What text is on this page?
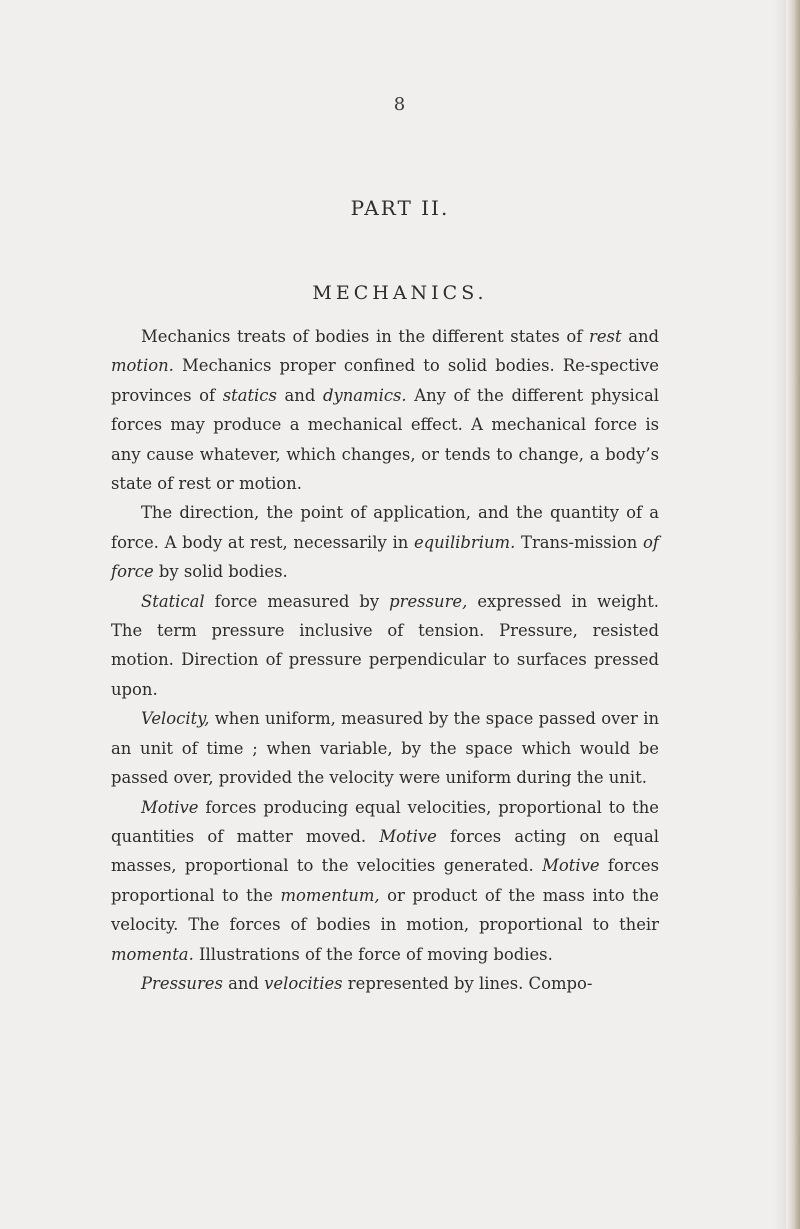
8
PART II.
MECHANICS.

Mechanics treats of bodies in the different states of rest and motion. Mechanics proper confined to solid bodies. Re-spective provinces of statics and dynamics. Any of the different physical forces may produce a mechanical effect. A mechanical force is any cause whatever, which changes, or tends to change, a body’s state of rest or motion.

The direction, the point of application, and the quantity of a force. A body at rest, necessarily in equilibrium. Trans-mission of force by solid bodies.

Statical force measured by pressure, expressed in weight. The term pressure inclusive of tension. Pressure, resisted motion. Direction of pressure perpendicular to surfaces pressed upon.

Velocity, when uniform, measured by the space passed over in an unit of time ; when variable, by the space which would be passed over, provided the velocity were uniform during the unit.

Motive forces producing equal velocities, proportional to the quantities of matter moved. Motive forces acting on equal masses, proportional to the velocities generated. Motive forces proportional to the momentum, or product of the mass into the velocity. The forces of bodies in motion, proportional to their momenta. Illustrations of the force of moving bodies.

Pressures and velocities represented by lines. Compo-
